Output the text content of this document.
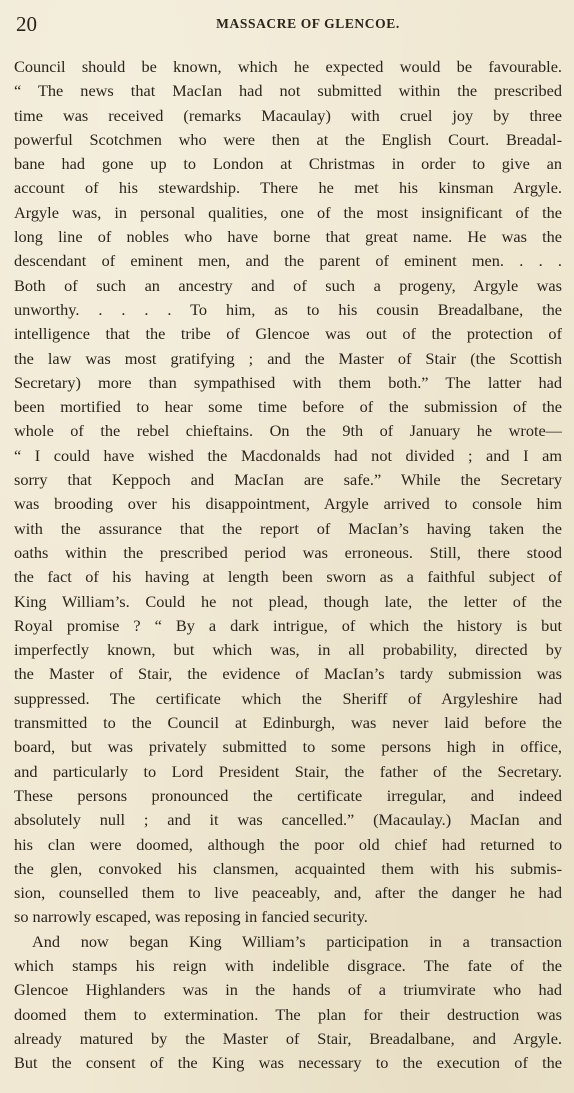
20	MASSACRE OF GLENCOE.
Council should be known, which he expected would be favourable.
“ The news that MacIan had not submitted within the prescribed
time was received (remarks Macaulay) with cruel joy by three
powerful Scotchmen who were then at the English Court. Breadal-
bane had gone up to London at Christmas in order to give an
account of his stewardship. There he met his kinsman Argyle.
Argyle was, in personal qualities, one of the most insignificant of the
long line of nobles who have borne that great name. He was the
descendant of eminent men, and the parent of eminent men. . . .
Both of such an ancestry and of such a progeny, Argyle was
unworthy. . . . . To him, as to his cousin Breadalbane, the
intelligence that the tribe of Glencoe was out of the protection of
the law was most gratifying ; and the Master of Stair (the Scottish
Secretary) more than sympathised with them both.” The latter had
been mortified to hear some time before of the submission of the
whole of the rebel chieftains. On the 9th of January he wrote—
“ I could have wished the Macdonalds had not divided ; and I am
sorry that Keppoch and MacIan are safe.” While the Secretary
was brooding over his disappointment, Argyle arrived to console him
with the assurance that the report of MacIan’s having taken the
oaths within the prescribed period was erroneous. Still, there stood
the fact of his having at length been sworn as a faithful subject of
King William’s. Could he not plead, though late, the letter of the
Royal promise ? “ By a dark intrigue, of which the history is but
imperfectly known, but which was, in all probability, directed by
the Master of Stair, the evidence of MacIan’s tardy submission was
suppressed. The certificate which the Sheriff of Argyleshire had
transmitted to the Council at Edinburgh, was never laid before the
board, but was privately submitted to some persons high in office,
and particularly to Lord President Stair, the father of the Secretary.
These persons pronounced the certificate irregular, and indeed
absolutely null ; and it was cancelled.” (Macaulay.) MacIan and
his clan were doomed, although the poor old chief had returned to
the glen, convoked his clansmen, acquainted them with his submis-
sion, counselled them to live peaceably, and, after the danger he had
so narrowly escaped, was reposing in fancied security.
And now began King William’s participation in a transaction
which stamps his reign with indelible disgrace. The fate of the
Glencoe Highlanders was in the hands of a triumvirate who had
doomed them to extermination. The plan for their destruction was
already matured by the Master of Stair, Breadalbane, and Argyle.
But the consent of the King was necessary to the execution of the
